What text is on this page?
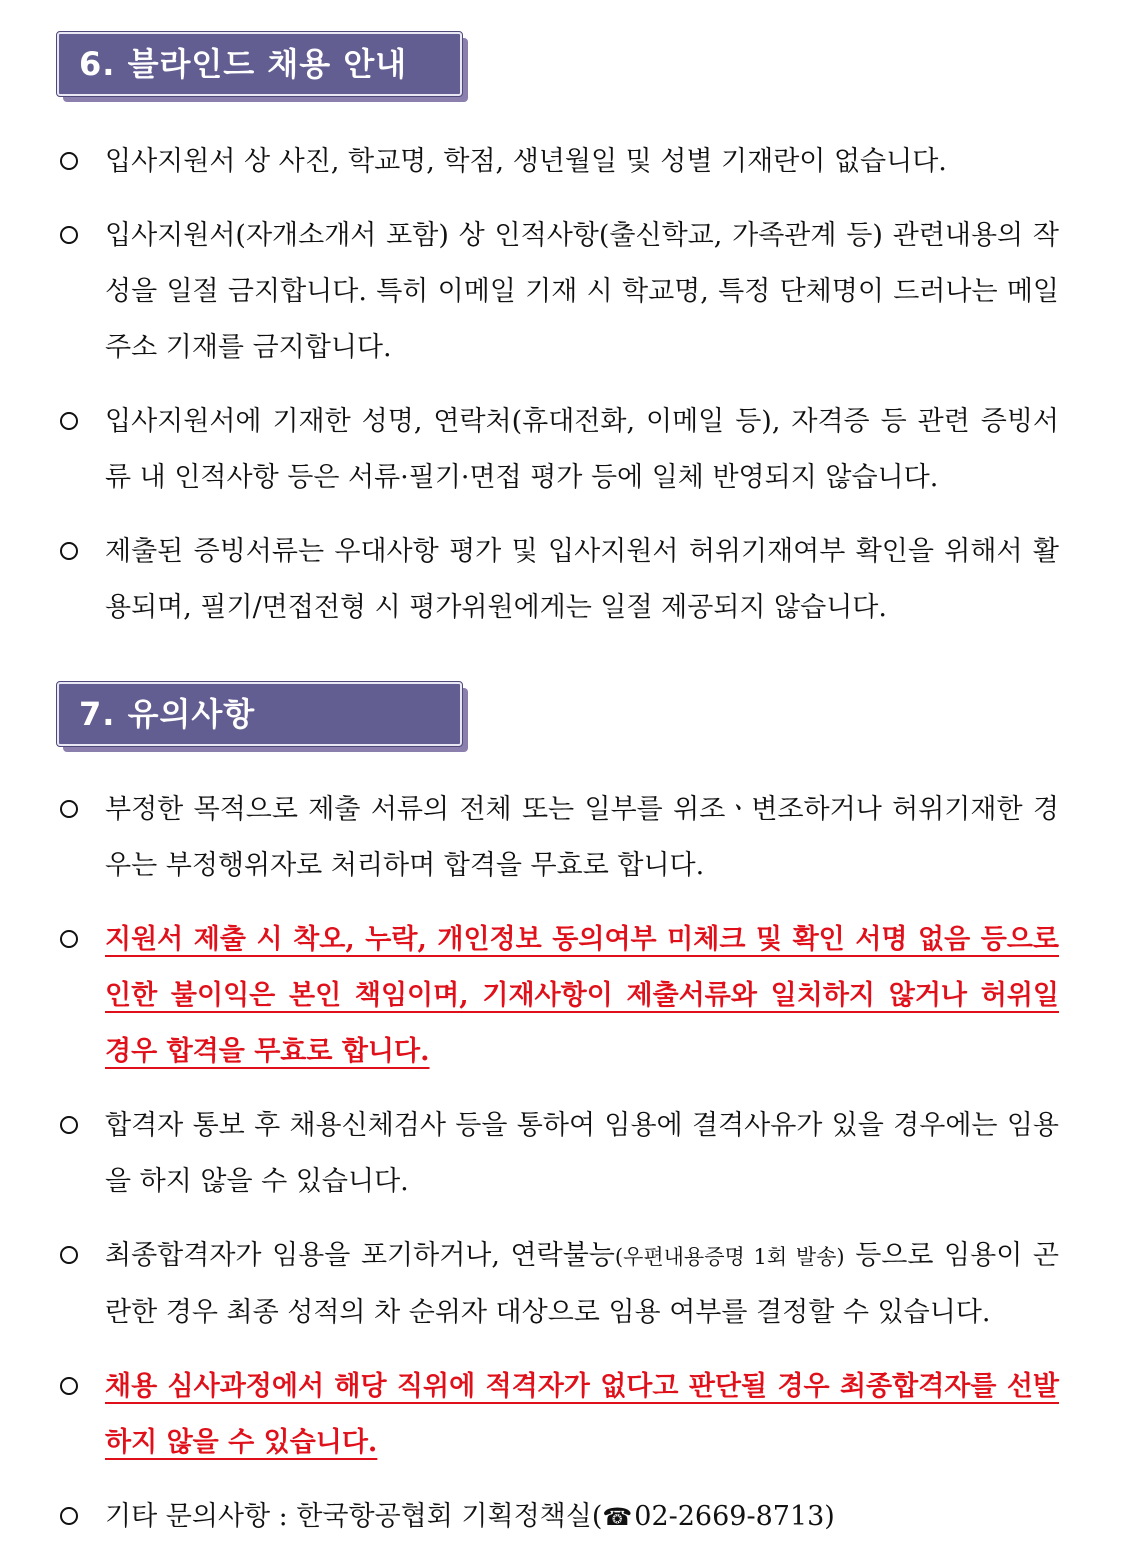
6. 블라인드 채용 안내
입사지원서 상 사진, 학교명, 학점, 생년월일 및 성별 기재란이 없습니다.
입사지원서(자개소개서 포함) 상 인적사항(출신학교, 가족관계 등) 관련내용의 작성을 일절 금지합니다. 특히 이메일 기재 시 학교명, 특정 단체명이 드러나는 메일주소 기재를 금지합니다.
입사지원서에 기재한 성명, 연락처(휴대전화, 이메일 등), 자격증 등 관련 증빙서류 내 인적사항 등은 서류·필기·면접 평가 등에 일체 반영되지 않습니다.
제출된 증빙서류는 우대사항 평가 및 입사지원서 허위기재여부 확인을 위해서 활용되며, 필기/면접전형 시 평가위원에게는 일절 제공되지 않습니다.
7. 유의사항
부정한 목적으로 제출 서류의 전체 또는 일부를 위조ㆍ변조하거나 허위기재한 경우는 부정행위자로 처리하며 합격을 무효로 합니다.
지원서 제출 시 착오, 누락, 개인정보 동의여부 미체크 및 확인 서명 없음 등으로 인한 불이익은 본인 책임이며, 기재사항이 제출서류와 일치하지 않거나 허위일 경우 합격을 무효로 합니다.
합격자 통보 후 채용신체검사 등을 통하여 임용에 결격사유가 있을 경우에는 임용을 하지 않을 수 있습니다.
최종합격자가 임용을 포기하거나, 연락불능(우편내용증명 1회 발송) 등으로 임용이 곤란한 경우 최종 성적의 차 순위자 대상으로 임용 여부를 결정할 수 있습니다.
채용 심사과정에서 해당 직위에 적격자가 없다고 판단될 경우 최종합격자를 선발하지 않을 수 있습니다.
기타 문의사항 : 한국항공협회 기획정책실(☎02-2669-8713)
